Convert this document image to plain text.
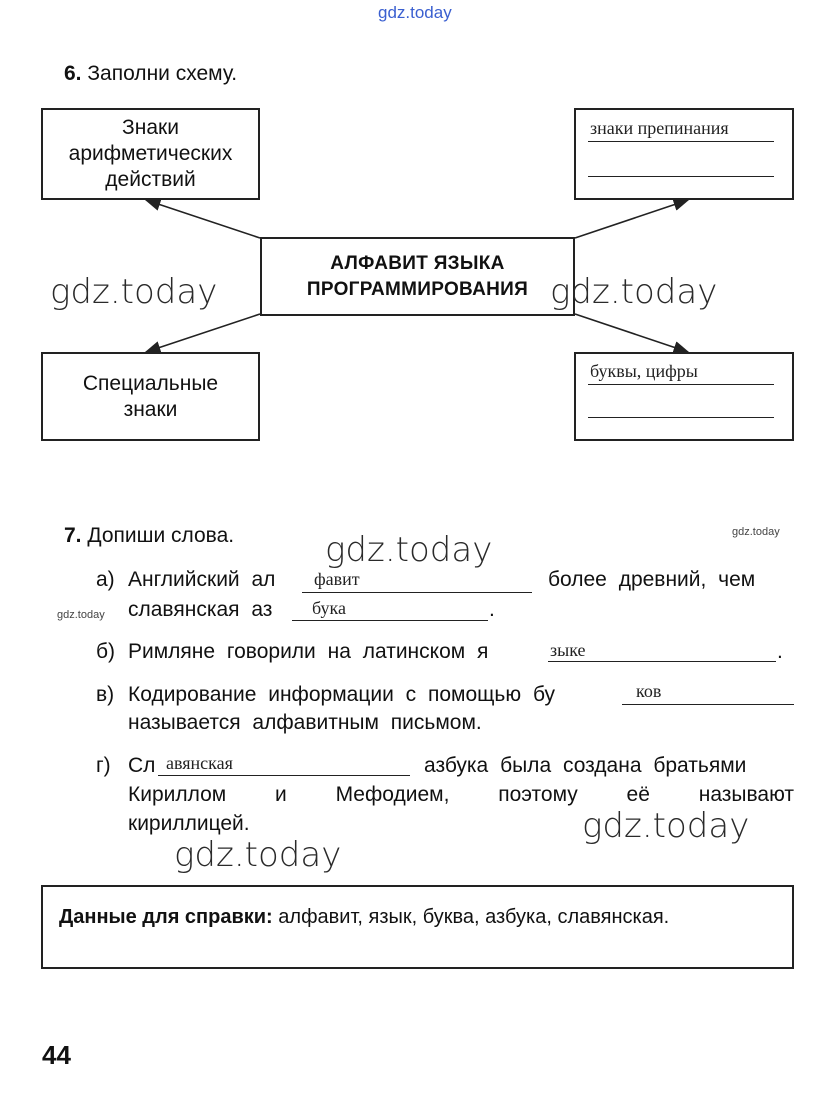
gdz.today
6. Заполни схему.
Знаки арифметических действий
Специальные знаки
АЛФАВИТ ЯЗЫКА ПРОГРАММИРОВАНИЯ
знаки препинания
буквы, цифры
gdz.today	gdz.today
7. Допиши слова.	gdz.today
gdz.today
а) Английский ал фавит	более древний, чем
gdz.today славянская аз бука	.
б) Римляне говорили на латинском я	зыке	.
в) Кодирование информации с помощью бу	ков
называется алфавитным письмом.
г) Сл авянская	азбука была создана братьями
Кириллом и Мефодием, поэтому её называют
кириллицей.	gdz.today
gdz.today
Данные для справки: алфавит, язык, буква, азбука, славянская.
44
